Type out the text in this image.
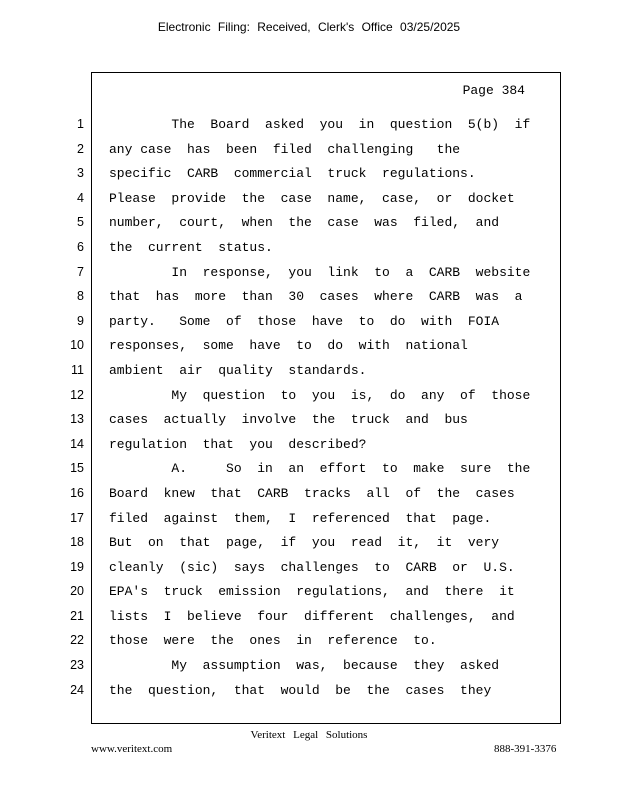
Electronic Filing: Received, Clerk's Office 03/25/2025
1
2
3
4
5
6
7
8
9
10
11
12
13
14
15
16
17
18
19
20
21
22
23
24
Page 384
The  Board  asked  you  in  question  5(b)  if
any case  has  been  filed  challenging   the
specific  CARB  commercial  truck  regulations.
Please  provide  the  case  name,  case,  or  docket
number,  court,  when  the  case  was  filed,  and
the  current  status.
In  response,  you  link  to  a  CARB  website
that  has  more  than  30  cases  where  CARB  was  a
party.   Some  of  those  have  to  do  with  FOIA
responses,  some  have  to  do  with  national
ambient  air  quality  standards.
My  question  to  you  is,  do  any  of  those
cases  actually  involve  the  truck  and  bus
regulation  that  you  described?
A.     So  in  an  effort  to  make  sure  the
Board  knew  that  CARB  tracks  all  of  the  cases
filed  against  them,  I  referenced  that  page.
But  on  that  page,  if  you  read  it,  it  very
cleanly  (sic)  says  challenges  to  CARB  or  U.S.
EPA's  truck  emission  regulations,  and  there  it
lists  I  believe  four  different  challenges,  and
those  were  the  ones  in  reference  to.
My  assumption  was,  because  they  asked
the  question,  that  would  be  the  cases  they
Veritext Legal Solutions
www.veritext.com	888-391-3376
